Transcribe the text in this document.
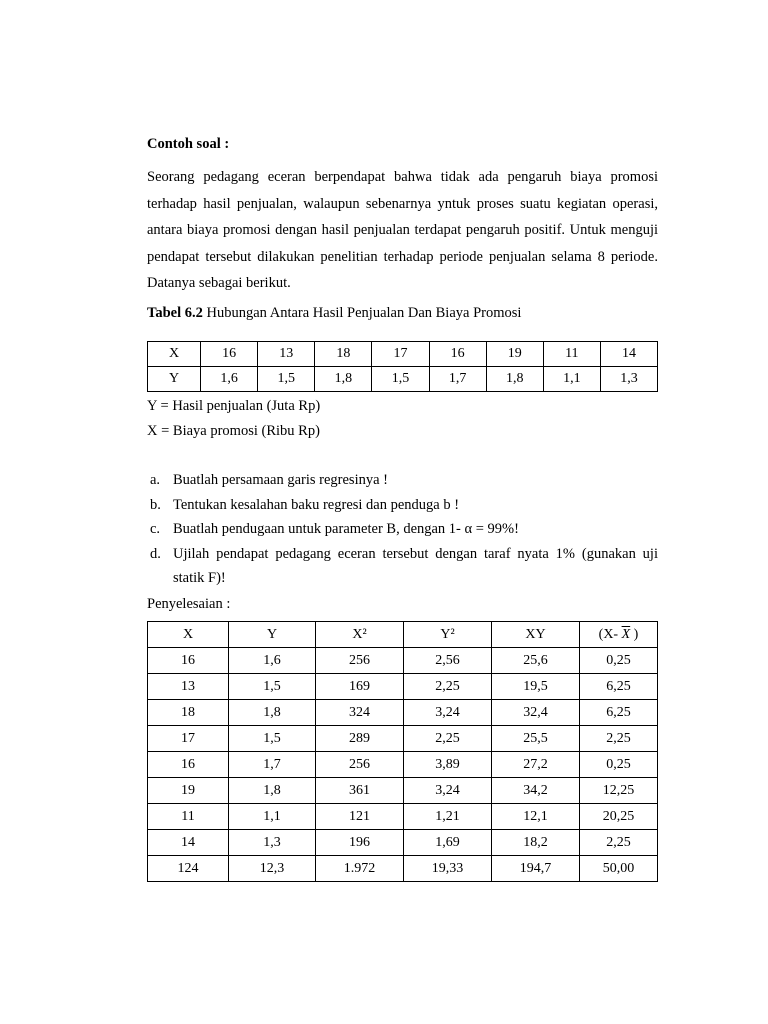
Contoh soal :
Seorang pedagang eceran berpendapat bahwa tidak ada pengaruh biaya promosi terhadap hasil penjualan, walaupun sebenarnya yntuk proses suatu kegiatan operasi, antara biaya promosi dengan hasil penjualan terdapat pengaruh positif. Untuk menguji pendapat tersebut dilakukan penelitian terhadap periode penjualan selama 8 periode. Datanya sebagai berikut.
Tabel 6.2 Hubungan Antara Hasil Penjualan Dan Biaya Promosi
X	16	13	18	17	16	19	11	14
Y	1,6	1,5	1,8	1,5	1,7	1,8	1,1	1,3
Y = Hasil penjualan (Juta Rp)
X = Biaya promosi (Ribu Rp)
a. Buatlah persamaan garis regresinya !
b. Tentukan kesalahan baku regresi dan penduga b !
c. Buatlah pendugaan untuk parameter B, dengan 1- α = 99%!
d. Ujilah pendapat pedagang eceran tersebut dengan taraf nyata 1% (gunakan uji statik F)!
Penyelesaian :
X	Y	X²	Y²	XY	(X- $\overline{X}$ )
16	1,6	256	2,56	25,6	0,25
13	1,5	169	2,25	19,5	6,25
18	1,8	324	3,24	32,4	6,25
17	1,5	289	2,25	25,5	2,25
16	1,7	256	3,89	27,2	0,25
19	1,8	361	3,24	34,2	12,25
11	1,1	121	1,21	12,1	20,25
14	1,3	196	1,69	18,2	2,25
124	12,3	1.972	19,33	194,7	50,00
